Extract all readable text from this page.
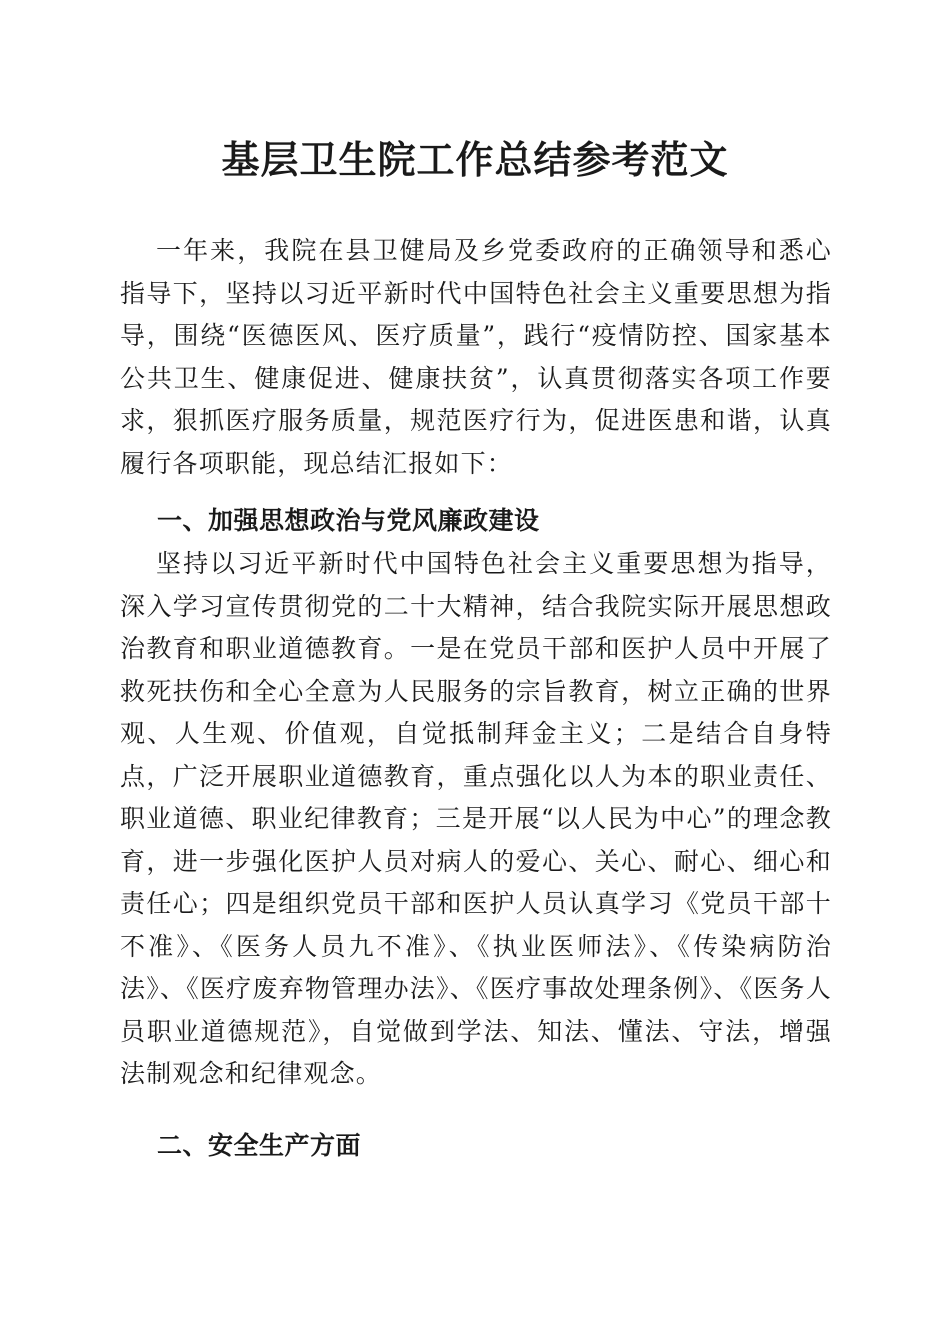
基层卫生院工作总结参考范文

一年来，我院在县卫健局及乡党委政府的正确领导和悉心指导下，坚持以习近平新时代中国特色社会主义重要思想为指导，围绕“医德医风、医疗质量”，践行“疫情防控、国家基本公共卫生、健康促进、健康扶贫”，认真贯彻落实各项工作要求，狠抓医疗服务质量，规范医疗行为，促进医患和谐，认真履行各项职能，现总结汇报如下：

一、加强思想政治与党风廉政建设

坚持以习近平新时代中国特色社会主义重要思想为指导，深入学习宣传贯彻党的二十大精神，结合我院实际开展思想政治教育和职业道德教育。一是在党员干部和医护人员中开展了救死扶伤和全心全意为人民服务的宗旨教育，树立正确的世界观、人生观、价值观，自觉抵制拜金主义；二是结合自身特点，广泛开展职业道德教育，重点强化以人为本的职业责任、职业道德、职业纪律教育；三是开展“以人民为中心”的理念教育，进一步强化医护人员对病人的爱心、关心、耐心、细心和责任心；四是组织党员干部和医护人员认真学习《党员干部十不准》、《医务人员九不准》、《执业医师法》、《传染病防治法》、《医疗废弃物管理办法》、《医疗事故处理条例》、《医务人员职业道德规范》，自觉做到学法、知法、懂法、守法，增强法制观念和纪律观念。

二、安全生产方面
